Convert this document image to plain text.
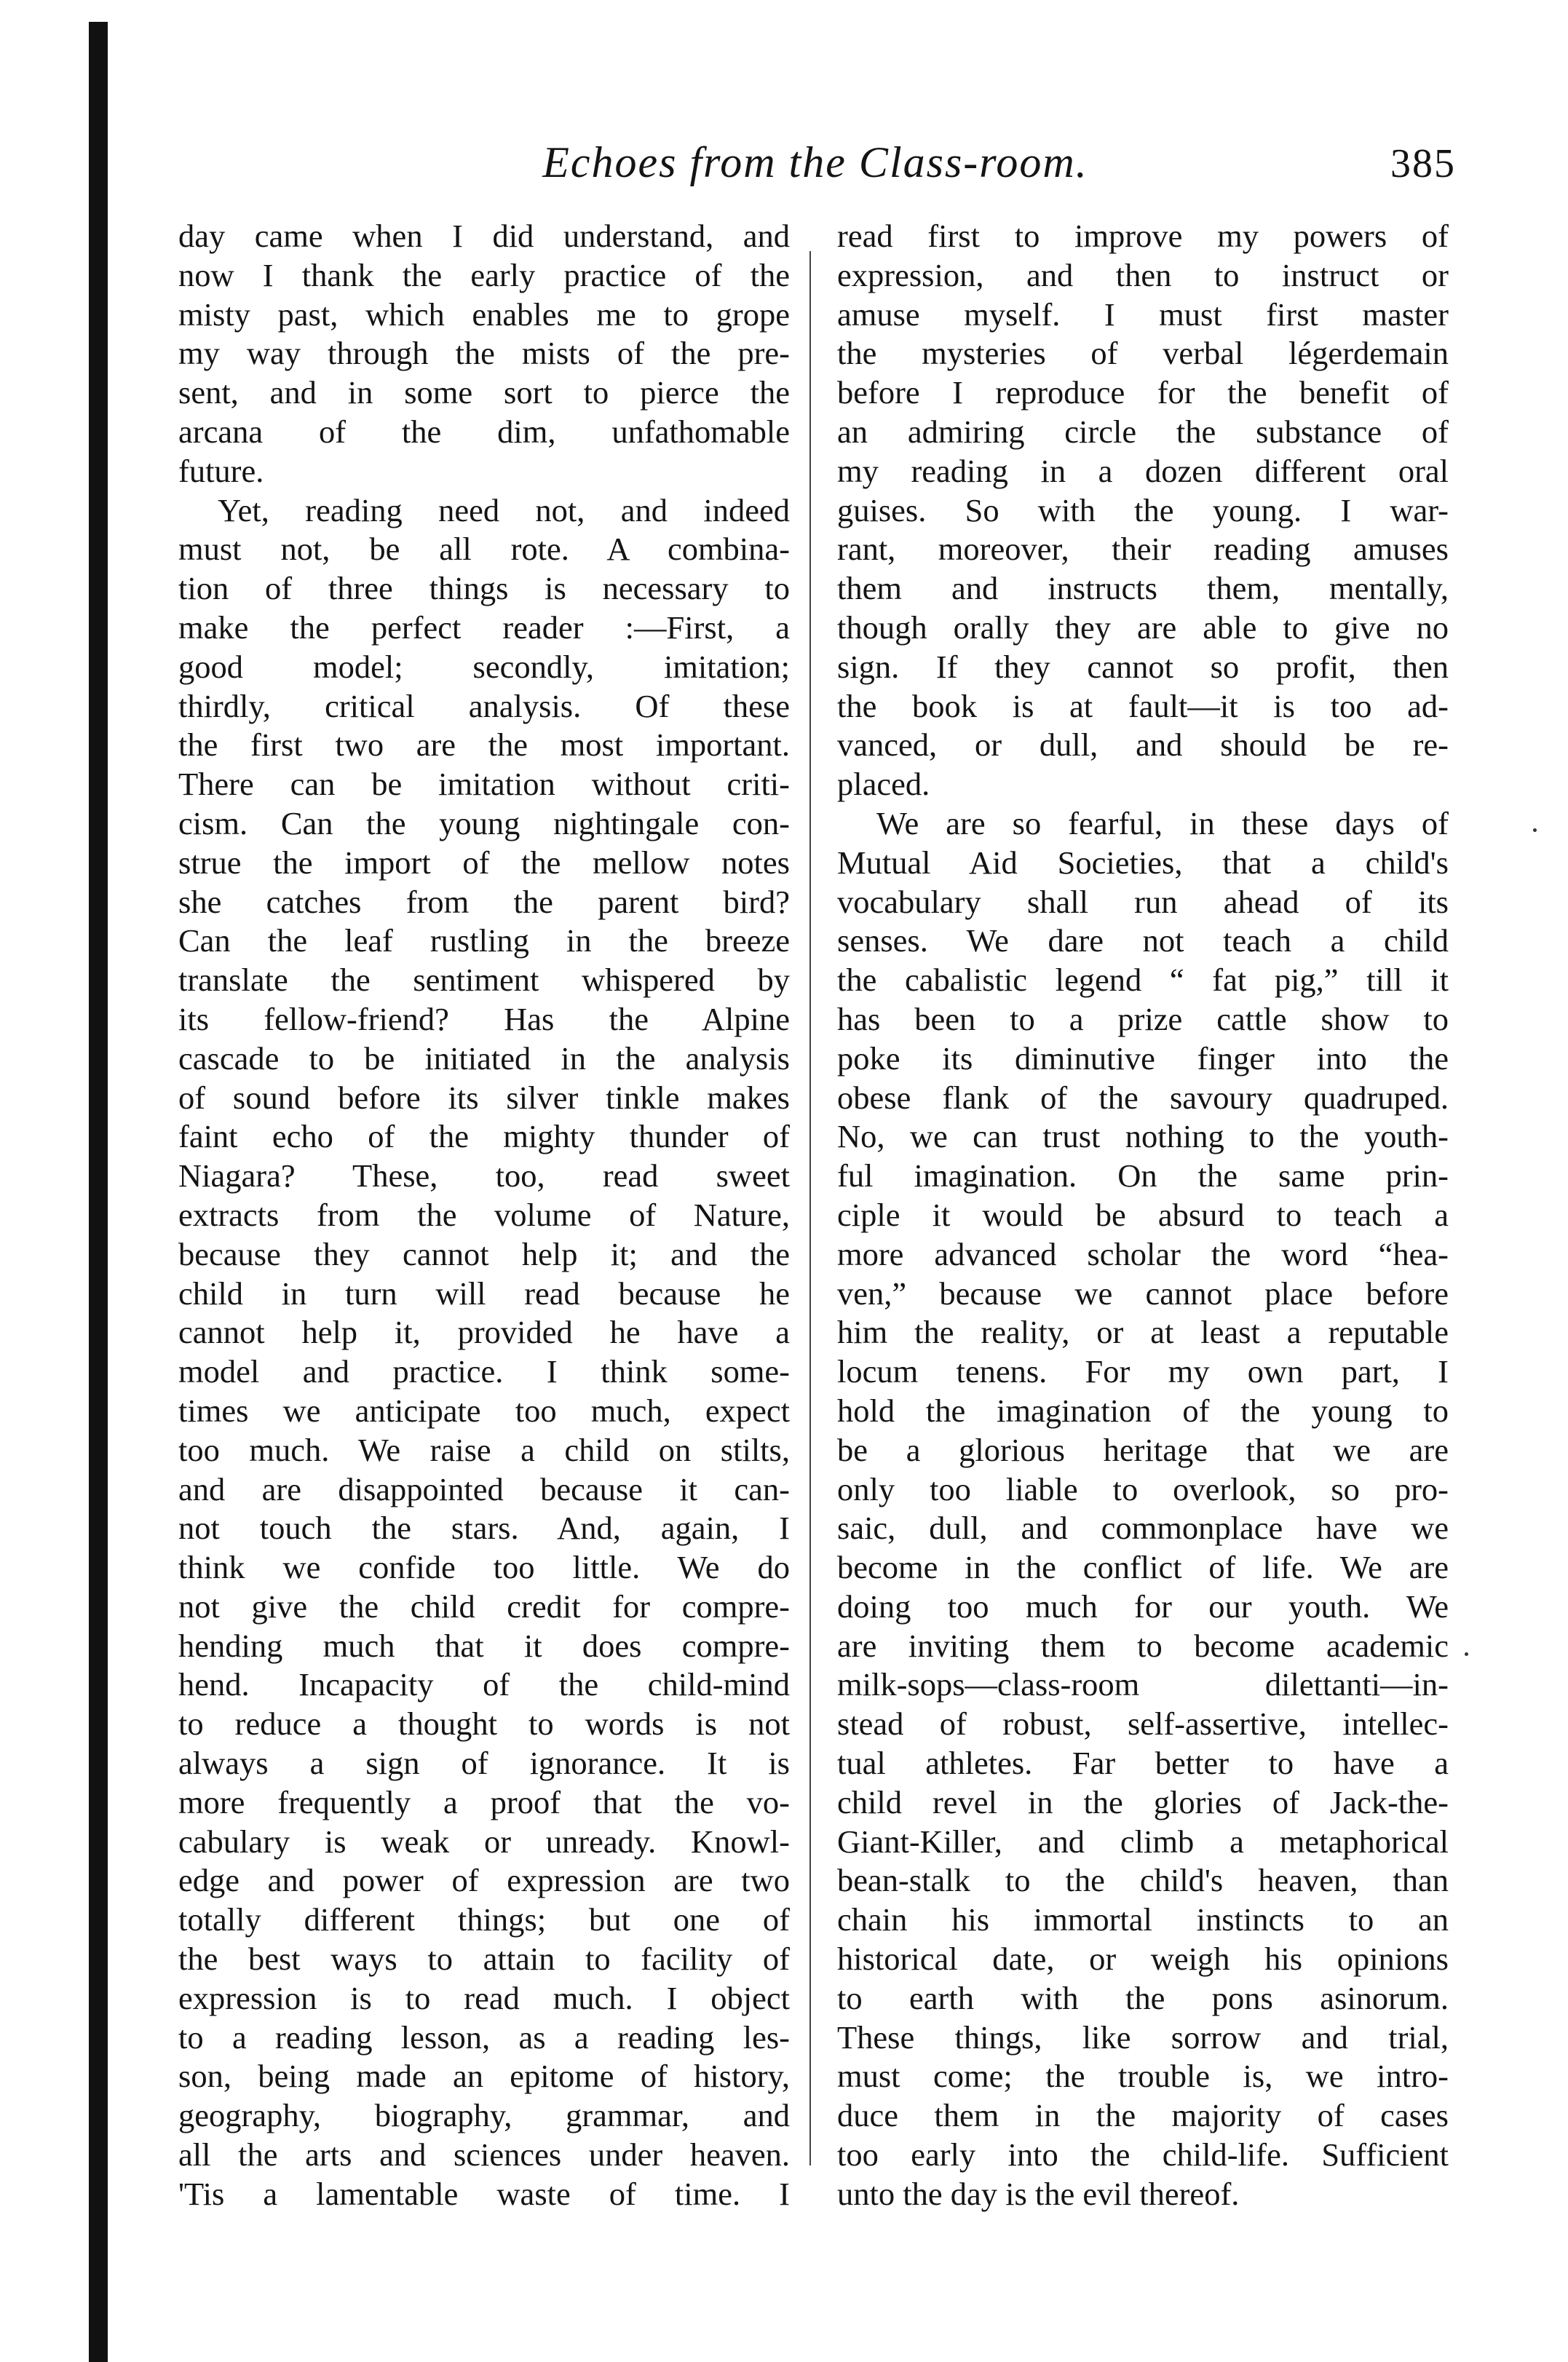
Echoes from the Class-room.	385
day came when I did understand, and
now I thank the early practice of the
misty past, which enables me to grope
my way through the mists of the pre-
sent, and in some sort to pierce the
arcana of the dim, unfathomable
future.
Yet, reading need not, and indeed
must not, be all rote. A combina-
tion of three things is necessary to
make the perfect reader :—First, a
good model; secondly, imitation;
thirdly, critical analysis. Of these
the first two are the most important.
There can be imitation without criti-
cism. Can the young nightingale con-
strue the import of the mellow notes
she catches from the parent bird?
Can the leaf rustling in the breeze
translate the sentiment whispered by
its fellow-friend? Has the Alpine
cascade to be initiated in the analysis
of sound before its silver tinkle makes
faint echo of the mighty thunder of
Niagara? These, too, read sweet
extracts from the volume of Nature,
because they cannot help it; and the
child in turn will read because he
cannot help it, provided he have a
model and practice. I think some-
times we anticipate too much, expect
too much. We raise a child on stilts,
and are disappointed because it can-
not touch the stars. And, again, I
think we confide too little. We do
not give the child credit for compre-
hending much that it does compre-
hend. Incapacity of the child-mind
to reduce a thought to words is not
always a sign of ignorance. It is
more frequently a proof that the vo-
cabulary is weak or unready. Knowl-
edge and power of expression are two
totally different things; but one of
the best ways to attain to facility of
expression is to read much. I object
to a reading lesson, as a reading les-
son, being made an epitome of history,
geography, biography, grammar, and
all the arts and sciences under heaven.
'Tis a lamentable waste of time. I
read first to improve my powers of
expression, and then to instruct or
amuse myself. I must first master
the mysteries of verbal légerdemain
before I reproduce for the benefit of
an admiring circle the substance of
my reading in a dozen different oral
guises. So with the young. I war-
rant, moreover, their reading amuses
them and instructs them, mentally,
though orally they are able to give no
sign. If they cannot so profit, then
the book is at fault—it is too ad-
vanced, or dull, and should be re-
placed.
We are so fearful, in these days of
Mutual Aid Societies, that a child's
vocabulary shall run ahead of its
senses. We dare not teach a child
the cabalistic legend “ fat pig,” till it
has been to a prize cattle show to
poke its diminutive finger into the
obese flank of the savoury quadruped.
No, we can trust nothing to the youth-
ful imagination. On the same prin-
ciple it would be absurd to teach a
more advanced scholar the word “hea-
ven,” because we cannot place before
him the reality, or at least a reputable
locum tenens. For my own part, I
hold the imagination of the young to
be a glorious heritage that we are
only too liable to overlook, so pro-
saic, dull, and commonplace have we
become in the conflict of life. We are
doing too much for our youth. We
are inviting them to become academic
milk-sops—class-room dilettanti—in-
stead of robust, self-assertive, intellec-
tual athletes. Far better to have a
child revel in the glories of Jack-the-
Giant-Killer, and climb a metaphorical
bean-stalk to the child's heaven, than
chain his immortal instincts to an
historical date, or weigh his opinions
to earth with the pons asinorum.
These things, like sorrow and trial,
must come; the trouble is, we intro-
duce them in the majority of cases
too early into the child-life. Sufficient
unto the day is the evil thereof.
